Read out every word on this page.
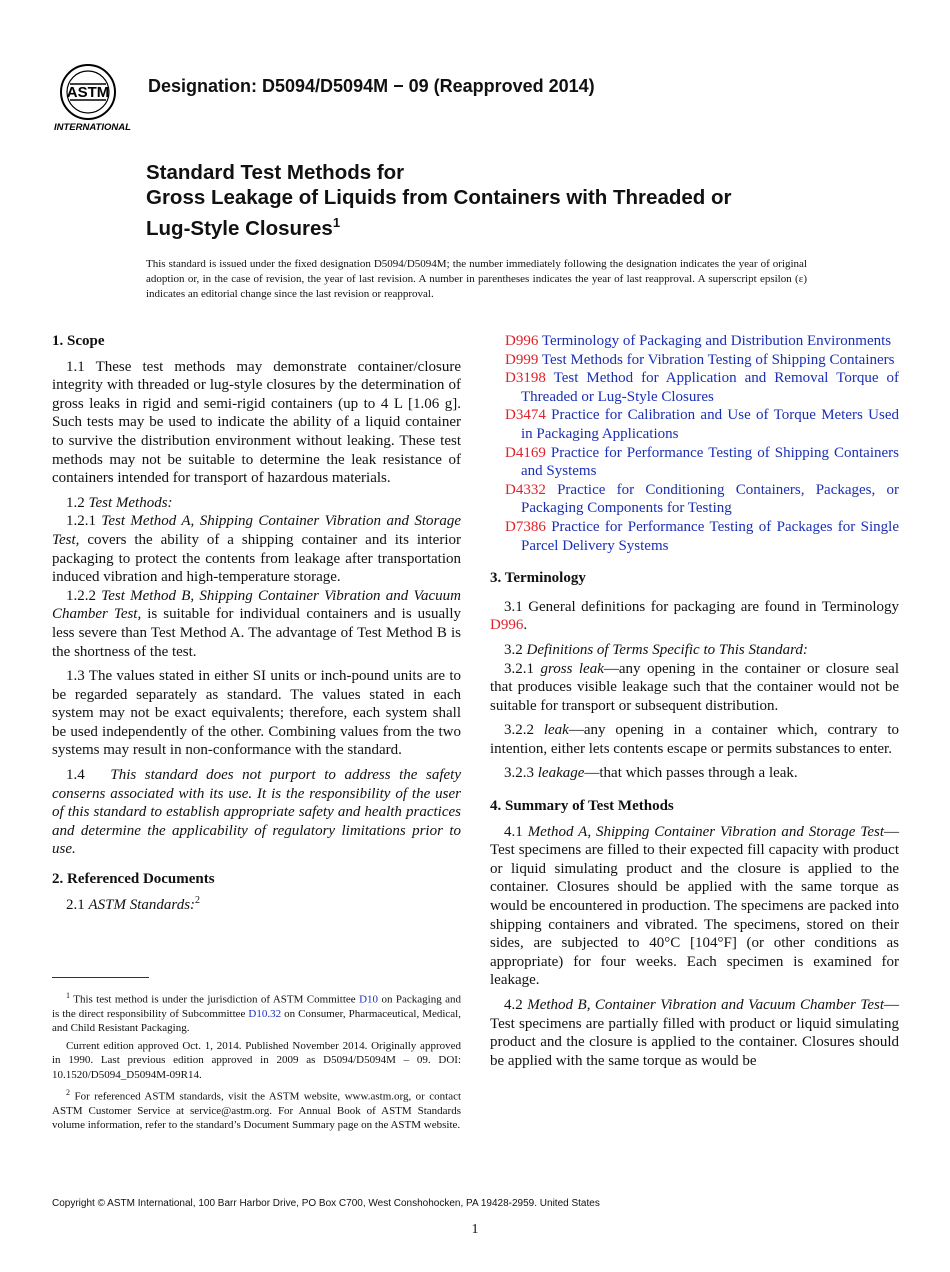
ASTM
INTERNATIONAL
Designation: D5094/D5094M − 09 (Reapproved 2014)
Standard Test Methods for
Gross Leakage of Liquids from Containers with Threaded or
Lug-Style Closures$^1$
This standard is issued under the fixed designation D5094/D5094M; the number immediately following the designation indicates the year of original adoption or, in the case of revision, the year of last revision. A number in parentheses indicates the year of last reapproval. A superscript epsilon (ε) indicates an editorial change since the last revision or reapproval.
1. Scope

1.1 These test methods may demonstrate container/closure integrity with threaded or lug-style closures by the determination of gross leaks in rigid and semi-rigid containers (up to 4 L [1.06 g]. Such tests may be used to indicate the ability of a liquid container to survive the distribution environment without leaking. These test methods may not be suitable to determine the leak resistance of containers intended for transport of hazardous materials.

1.2 Test Methods:

1.2.1 Test Method A, Shipping Container Vibration and Storage Test, covers the ability of a shipping container and its interior packaging to protect the contents from leakage after transportation induced vibration and high-temperature storage.

1.2.2 Test Method B, Shipping Container Vibration and Vacuum Chamber Test, is suitable for individual containers and is usually less severe than Test Method A. The advantage of Test Method B is the shortness of the test.

1.3 The values stated in either SI units or inch-pound units are to be regarded separately as standard. The values stated in each system may not be exact equivalents; therefore, each system shall be used independently of the other. Combining values from the two systems may result in non-conformance with the standard.

1.4 This standard does not purport to address the safety conserns associated with its use. It is the responsibility of the user of this standard to establish appropriate safety and health practices and determine the applicability of regulatory limitations prior to use.

2. Referenced Documents

2.1 ASTM Standards:$^2$

$^1$ This test method is under the jurisdiction of ASTM Committee D10 on Packaging and is the direct responsibility of Subcommittee D10.32 on Consumer, Pharmaceutical, Medical, and Child Resistant Packaging.

Current edition approved Oct. 1, 2014. Published November 2014. Originally approved in 1990. Last previous edition approved in 2009 as D5094/D5094M – 09. DOI: 10.1520/D5094_D5094M-09R14.

$^2$ For referenced ASTM standards, visit the ASTM website, www.astm.org, or contact ASTM Customer Service at service@astm.org. For Annual Book of ASTM Standards volume information, refer to the standard’s Document Summary page on the ASTM website.

D996 Terminology of Packaging and Distribution Environments

D999 Test Methods for Vibration Testing of Shipping Containers

D3198 Test Method for Application and Removal Torque of Threaded or Lug-Style Closures

D3474 Practice for Calibration and Use of Torque Meters Used in Packaging Applications

D4169 Practice for Performance Testing of Shipping Containers and Systems

D4332 Practice for Conditioning Containers, Packages, or Packaging Components for Testing

D7386 Practice for Performance Testing of Packages for Single Parcel Delivery Systems

3. Terminology

3.1 General definitions for packaging are found in Terminology D996.

3.2 Definitions of Terms Specific to This Standard:

3.2.1 gross leak—any opening in the container or closure seal that produces visible leakage such that the container would not be suitable for transport or subsequent distribution.

3.2.2 leak—any opening in a container which, contrary to intention, either lets contents escape or permits substances to enter.

3.2.3 leakage—that which passes through a leak.

4. Summary of Test Methods

4.1 Method A, Shipping Container Vibration and Storage Test—Test specimens are filled to their expected fill capacity with product or liquid simulating product and the closure is applied to the container. Closures should be applied with the same torque as would be encountered in production. The specimens are packed into shipping containers and vibrated. The specimens, stored on their sides, are subjected to 40°C [104°F] (or other conditions as appropriate) for four weeks. Each specimen is examined for leakage.

4.2 Method B, Container Vibration and Vacuum Chamber Test—Test specimens are partially filled with product or liquid simulating product and the closure is applied to the container. Closures should be applied with the same torque as would be

Copyright © ASTM International, 100 Barr Harbor Drive, PO Box C700, West Conshohocken, PA 19428-2959. United States
1
